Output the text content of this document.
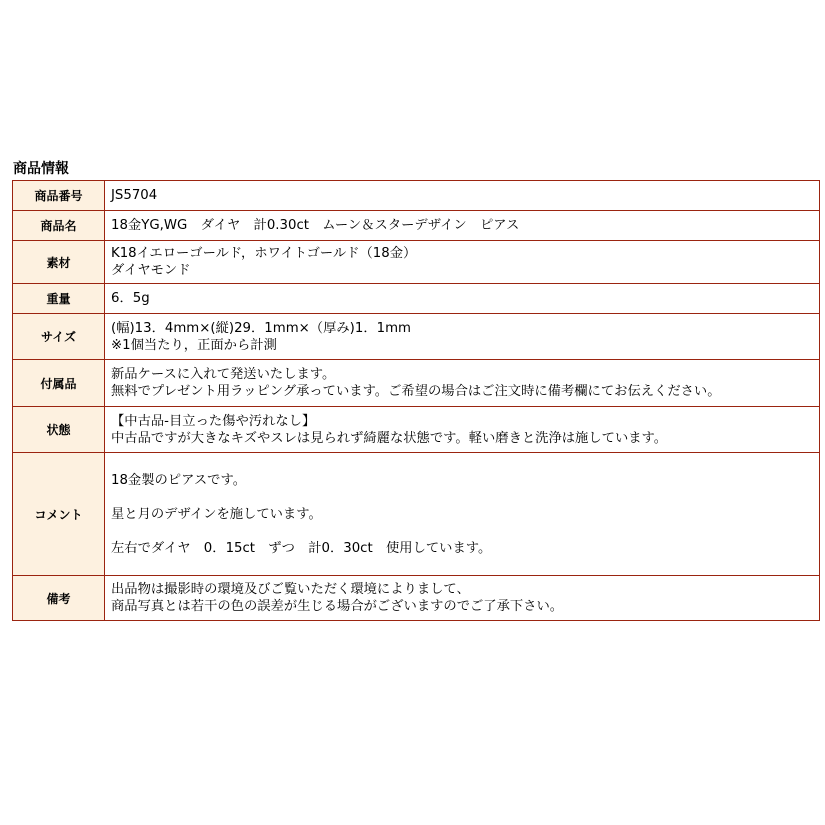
商品情報
商品番号	JS5704

商品名	18金YG,WG　ダイヤ　計0.30ct　ムーン＆スターデザイン　ピアス

素材	K18イエローゴールド，ホワイトゴールド（18金）
ダイヤモンド

重量	6．5g

サイズ	(幅)13．4mm×(縦)29．1mm×（厚み)1．1mm
※1個当たり，正面から計測

付属品	新品ケースに入れて発送いたします。
無料でプレゼント用ラッピング承っています。ご希望の場合はご注文時に備考欄にてお伝えください。

状態	【中古品‐目立った傷や汚れなし】
中古品ですが大きなキズやスレは見られず綺麗な状態です。軽い磨きと洗浄は施しています。

コメント	18金製のピアスです。
星と月のデザインを施しています。
左右でダイヤ　0．15ct　ずつ　計0．30ct　使用しています。

備考	出品物は撮影時の環境及びご覧いただく環境によりまして、
商品写真とは若干の色の誤差が生じる場合がございますのでご了承下さい。
